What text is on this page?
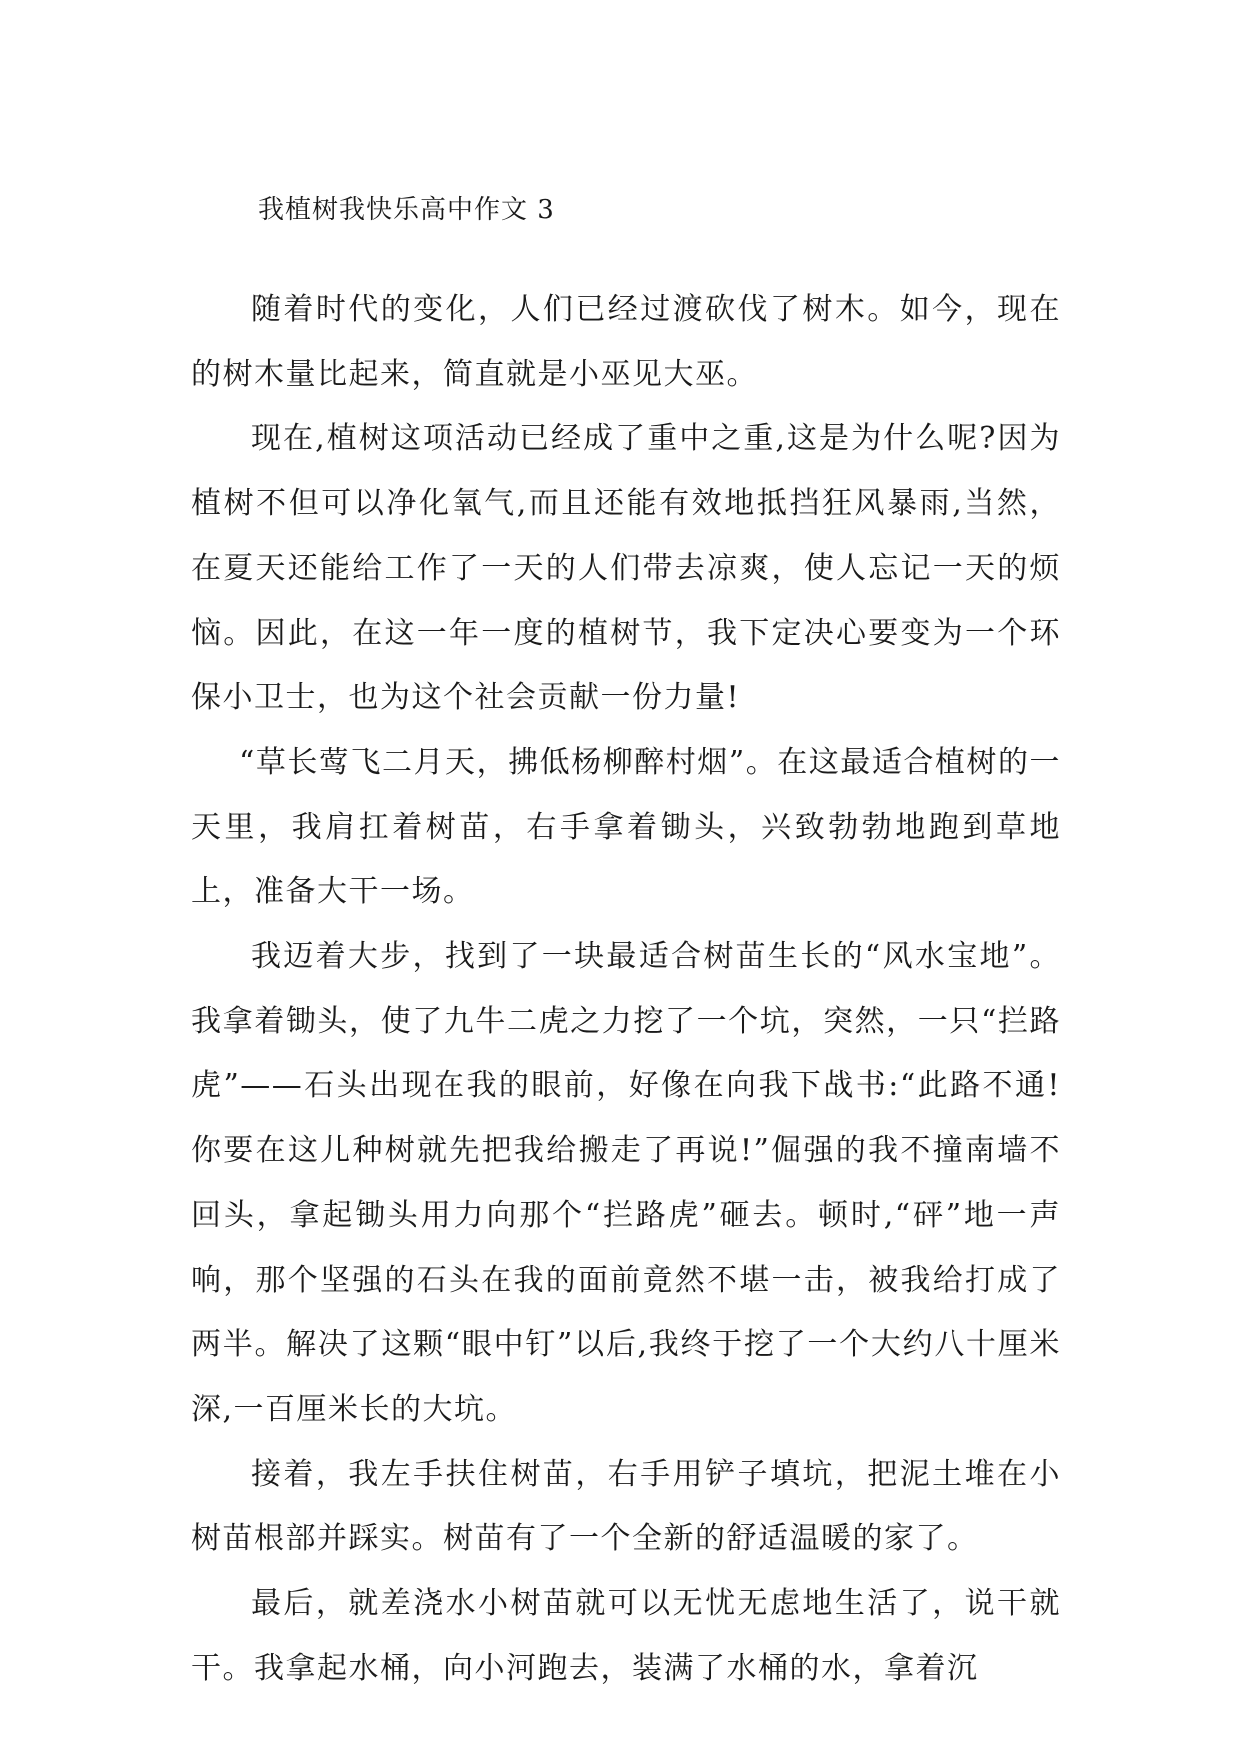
我植树我快乐高中作文 3

随着时代的变化，人们已经过渡砍伐了树木。如今，现在的树木量比起来，简直就是小巫见大巫。

现在,植树这项活动已经成了重中之重,这是为什么呢?因为植树不但可以净化氧气,而且还能有效地抵挡狂风暴雨,当然，在夏天还能给工作了一天的人们带去凉爽，使人忘记一天的烦恼。因此，在这一年一度的植树节，我下定决心要变为一个环保小卫士，也为这个社会贡献一份力量!

“草长莺飞二月天，拂低杨柳醉村烟”。在这最适合植树的一天里，我肩扛着树苗，右手拿着锄头，兴致勃勃地跑到草地上，准备大干一场。

我迈着大步，找到了一块最适合树苗生长的“风水宝地”。我拿着锄头，使了九牛二虎之力挖了一个坑，突然，一只“拦路虎”——石头出现在我的眼前，好像在向我下战书:“此路不通!你要在这儿种树就先把我给搬走了再说!”倔强的我不撞南墙不回头，拿起锄头用力向那个“拦路虎”砸去。顿时,“砰”地一声响，那个坚强的石头在我的面前竟然不堪一击，被我给打成了两半。解决了这颗“眼中钉”以后,我终于挖了一个大约八十厘米深,一百厘米长的大坑。

接着，我左手扶住树苗，右手用铲子填坑，把泥土堆在小树苗根部并踩实。树苗有了一个全新的舒适温暖的家了。

最后，就差浇水小树苗就可以无忧无虑地生活了，说干就干。我拿起水桶，向小河跑去，装满了水桶的水，拿着沉
